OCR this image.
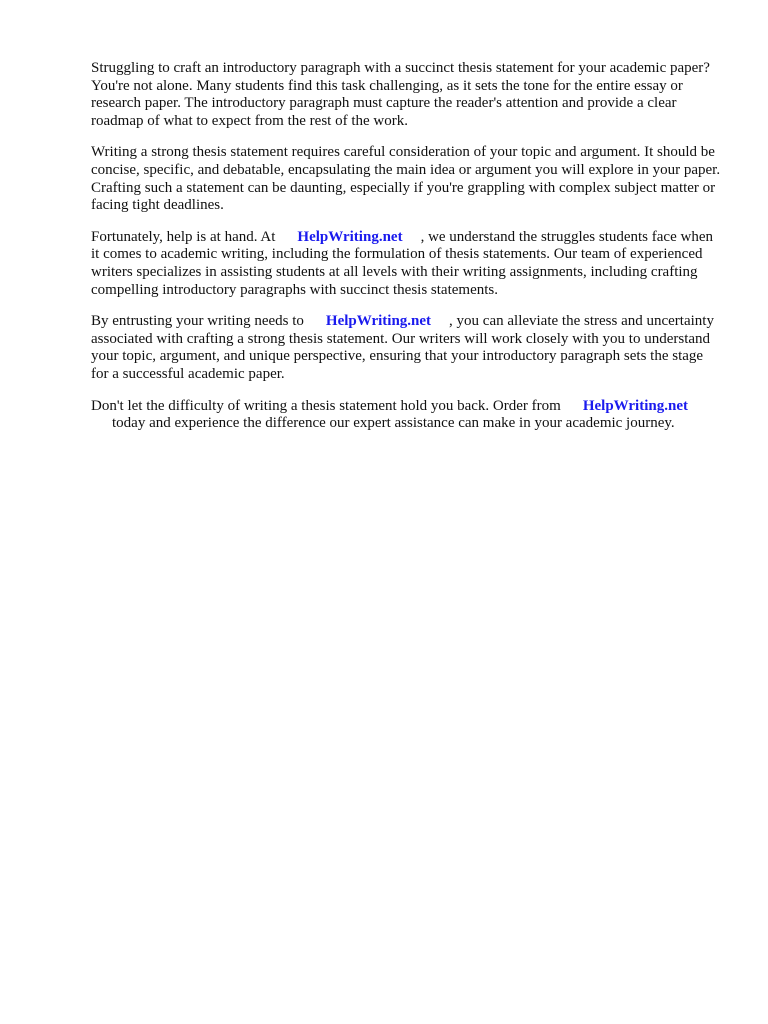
Struggling to craft an introductory paragraph with a succinct thesis statement for your academic paper? You're not alone. Many students find this task challenging, as it sets the tone for the entire essay or research paper. The introductory paragraph must capture the reader's attention and provide a clear roadmap of what to expect from the rest of the work.

Writing a strong thesis statement requires careful consideration of your topic and argument. It should be concise, specific, and debatable, encapsulating the main idea or argument you will explore in your paper. Crafting such a statement can be daunting, especially if you're grappling with complex subject matter or facing tight deadlines.

Fortunately, help is at hand. At HelpWriting.net , we understand the struggles students face when it comes to academic writing, including the formulation of thesis statements. Our team of experienced writers specializes in assisting students at all levels with their writing assignments, including crafting compelling introductory paragraphs with succinct thesis statements.

By entrusting your writing needs to HelpWriting.net , you can alleviate the stress and uncertainty associated with crafting a strong thesis statement. Our writers will work closely with you to understand your topic, argument, and unique perspective, ensuring that your introductory paragraph sets the stage for a successful academic paper.

Don't let the difficulty of writing a thesis statement hold you back. Order from HelpWriting.net
today and experience the difference our expert assistance can make in your academic journey.
